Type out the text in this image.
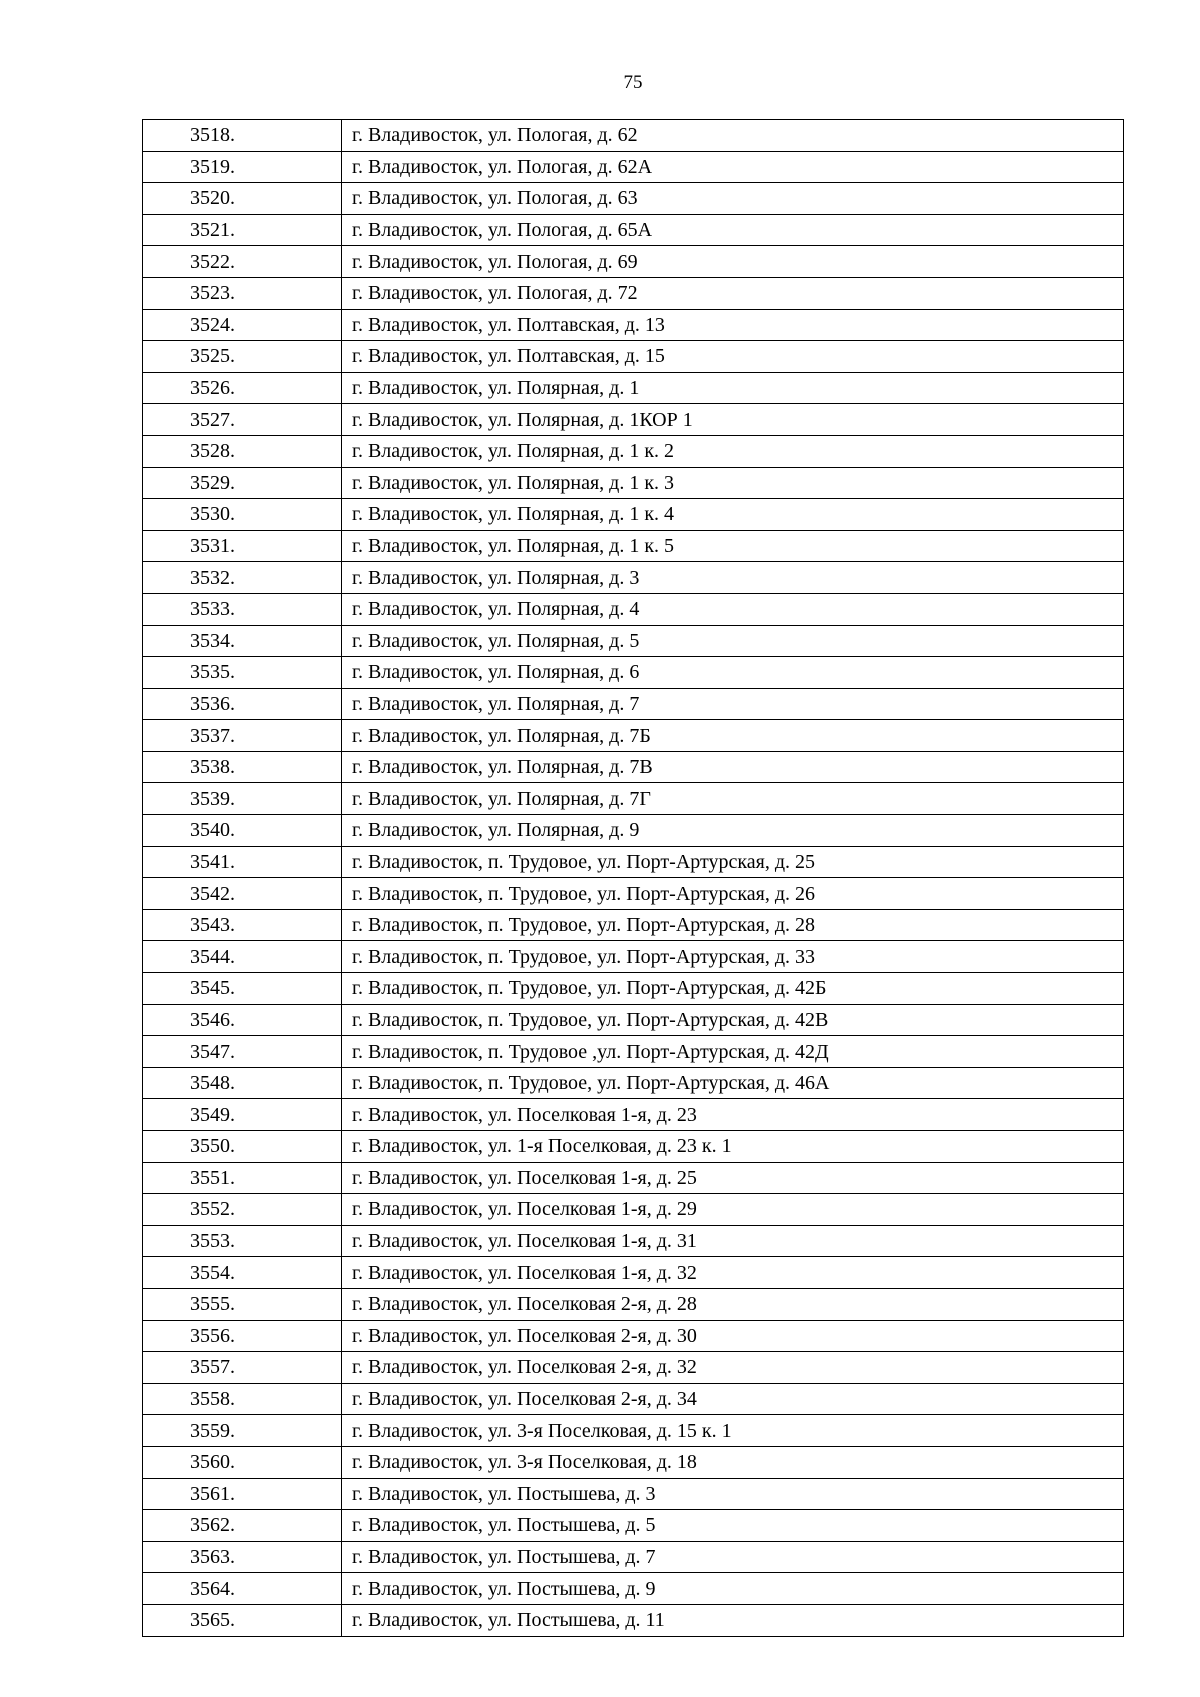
75
3518.	г. Владивосток, ул. Пологая, д. 62
3519.	г. Владивосток, ул. Пологая, д. 62А
3520.	г. Владивосток, ул. Пологая, д. 63
3521.	г. Владивосток, ул. Пологая, д. 65А
3522.	г. Владивосток, ул. Пологая, д. 69
3523.	г. Владивосток, ул. Пологая, д. 72
3524.	г. Владивосток, ул. Полтавская, д. 13
3525.	г. Владивосток, ул. Полтавская, д. 15
3526.	г. Владивосток, ул. Полярная, д. 1
3527.	г. Владивосток, ул. Полярная, д. 1КОР 1
3528.	г. Владивосток, ул. Полярная, д. 1 к. 2
3529.	г. Владивосток, ул. Полярная, д. 1 к. 3
3530.	г. Владивосток, ул. Полярная, д. 1 к. 4
3531.	г. Владивосток, ул. Полярная, д. 1 к. 5
3532.	г. Владивосток, ул. Полярная, д. 3
3533.	г. Владивосток, ул. Полярная, д. 4
3534.	г. Владивосток, ул. Полярная, д. 5
3535.	г. Владивосток, ул. Полярная, д. 6
3536.	г. Владивосток, ул. Полярная, д. 7
3537.	г. Владивосток, ул. Полярная, д. 7Б
3538.	г. Владивосток, ул. Полярная, д. 7В
3539.	г. Владивосток, ул. Полярная, д. 7Г
3540.	г. Владивосток, ул. Полярная, д. 9
3541.	г. Владивосток, п. Трудовое, ул. Порт-Артурская, д. 25
3542.	г. Владивосток, п. Трудовое, ул. Порт-Артурская, д. 26
3543.	г. Владивосток, п. Трудовое, ул. Порт-Артурская, д. 28
3544.	г. Владивосток, п. Трудовое, ул. Порт-Артурская, д. 33
3545.	г. Владивосток, п. Трудовое, ул. Порт-Артурская, д. 42Б
3546.	г. Владивосток, п. Трудовое, ул. Порт-Артурская, д. 42В
3547.	г. Владивосток, п. Трудовое ,ул. Порт-Артурская, д. 42Д
3548.	г. Владивосток, п. Трудовое, ул. Порт-Артурская, д. 46А
3549.	г. Владивосток, ул. Поселковая 1-я, д. 23
3550.	г. Владивосток, ул. 1-я Поселковая, д. 23 к. 1
3551.	г. Владивосток, ул. Поселковая 1-я, д. 25
3552.	г. Владивосток, ул. Поселковая 1-я, д. 29
3553.	г. Владивосток, ул. Поселковая 1-я, д. 31
3554.	г. Владивосток, ул. Поселковая 1-я, д. 32
3555.	г. Владивосток, ул. Поселковая 2-я, д. 28
3556.	г. Владивосток, ул. Поселковая 2-я, д. 30
3557.	г. Владивосток, ул. Поселковая 2-я, д. 32
3558.	г. Владивосток, ул. Поселковая 2-я, д. 34
3559.	г. Владивосток, ул. 3-я Поселковая, д. 15 к. 1
3560.	г. Владивосток, ул. 3-я Поселковая, д. 18
3561.	г. Владивосток, ул. Постышева, д. 3
3562.	г. Владивосток, ул. Постышева, д. 5
3563.	г. Владивосток, ул. Постышева, д. 7
3564.	г. Владивосток, ул. Постышева, д. 9
3565.	г. Владивосток, ул. Постышева, д. 11
